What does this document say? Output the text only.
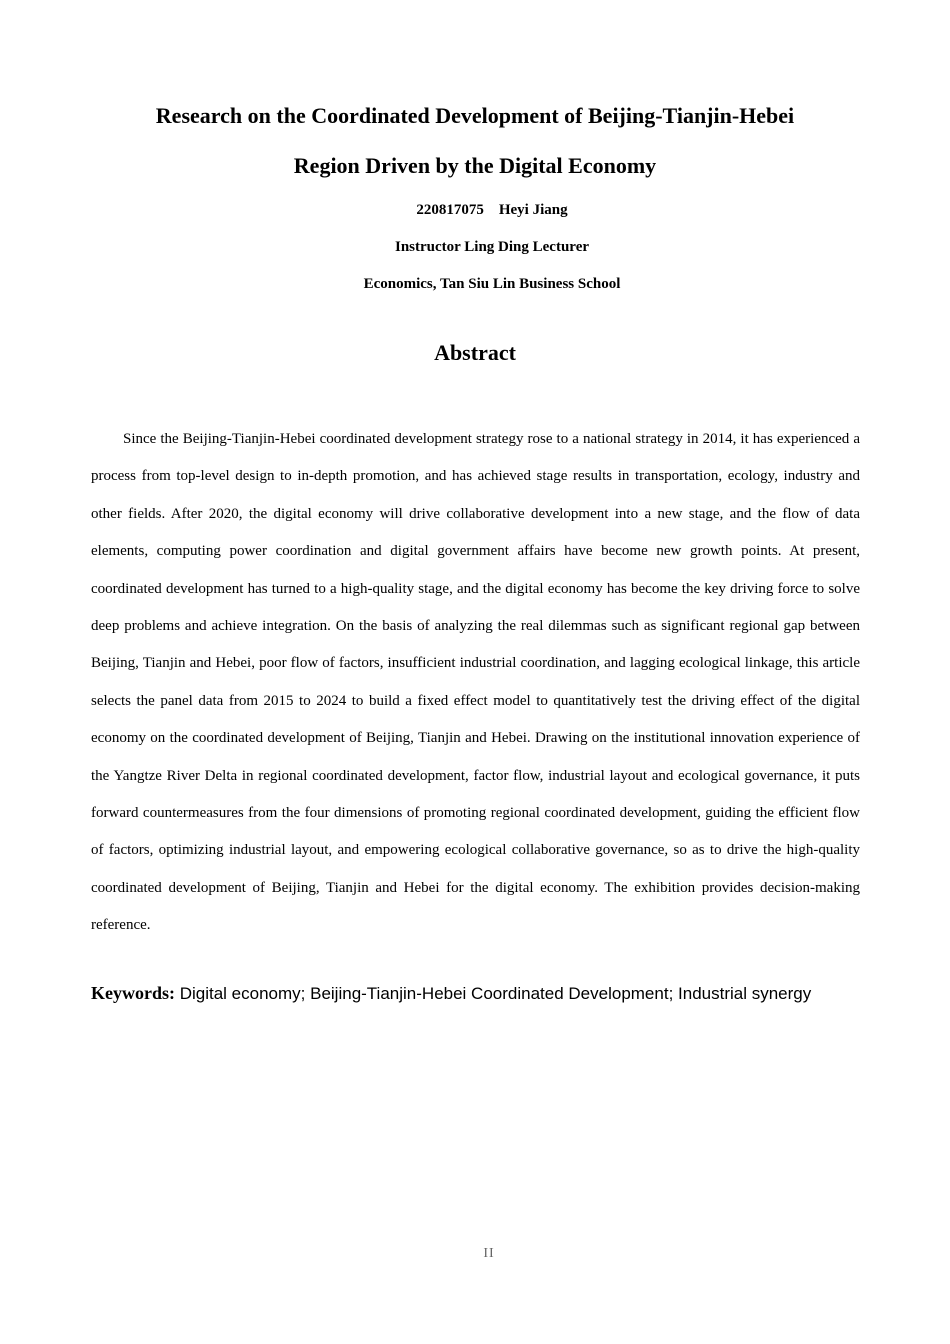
Research on the Coordinated Development of Beijing-Tianjin-Hebei
Region Driven by the Digital Economy
220817075    Heyi Jiang
Instructor Ling Ding Lecturer
Economics, Tan Siu Lin Business School
Abstract

Since the Beijing-Tianjin-Hebei coordinated development strategy rose to a national strategy in 2014, it has experienced a process from top-level design to in-depth promotion, and has achieved stage results in transportation, ecology, industry and other fields. After 2020, the digital economy will drive collaborative development into a new stage, and the flow of data elements, computing power coordination and digital government affairs have become new growth points. At present, coordinated development has turned to a high-quality stage, and the digital economy has become the key driving force to solve deep problems and achieve integration. On the basis of analyzing the real dilemmas such as significant regional gap between Beijing, Tianjin and Hebei, poor flow of factors, insufficient industrial coordination, and lagging ecological linkage, this article selects the panel data from 2015 to 2024 to build a fixed effect model to quantitatively test the driving effect of the digital economy on the coordinated development of Beijing, Tianjin and Hebei. Drawing on the institutional innovation experience of the Yangtze River Delta in regional coordinated development, factor flow, industrial layout and ecological governance, it puts forward countermeasures from the four dimensions of promoting regional coordinated development, guiding the efficient flow of factors, optimizing industrial layout, and empowering ecological collaborative governance, so as to drive the high-quality coordinated development of Beijing, Tianjin and Hebei for the digital economy. The exhibition provides decision-making reference.

Keywords: Digital economy; Beijing-Tianjin-Hebei Coordinated Development; Industrial synergy
II
